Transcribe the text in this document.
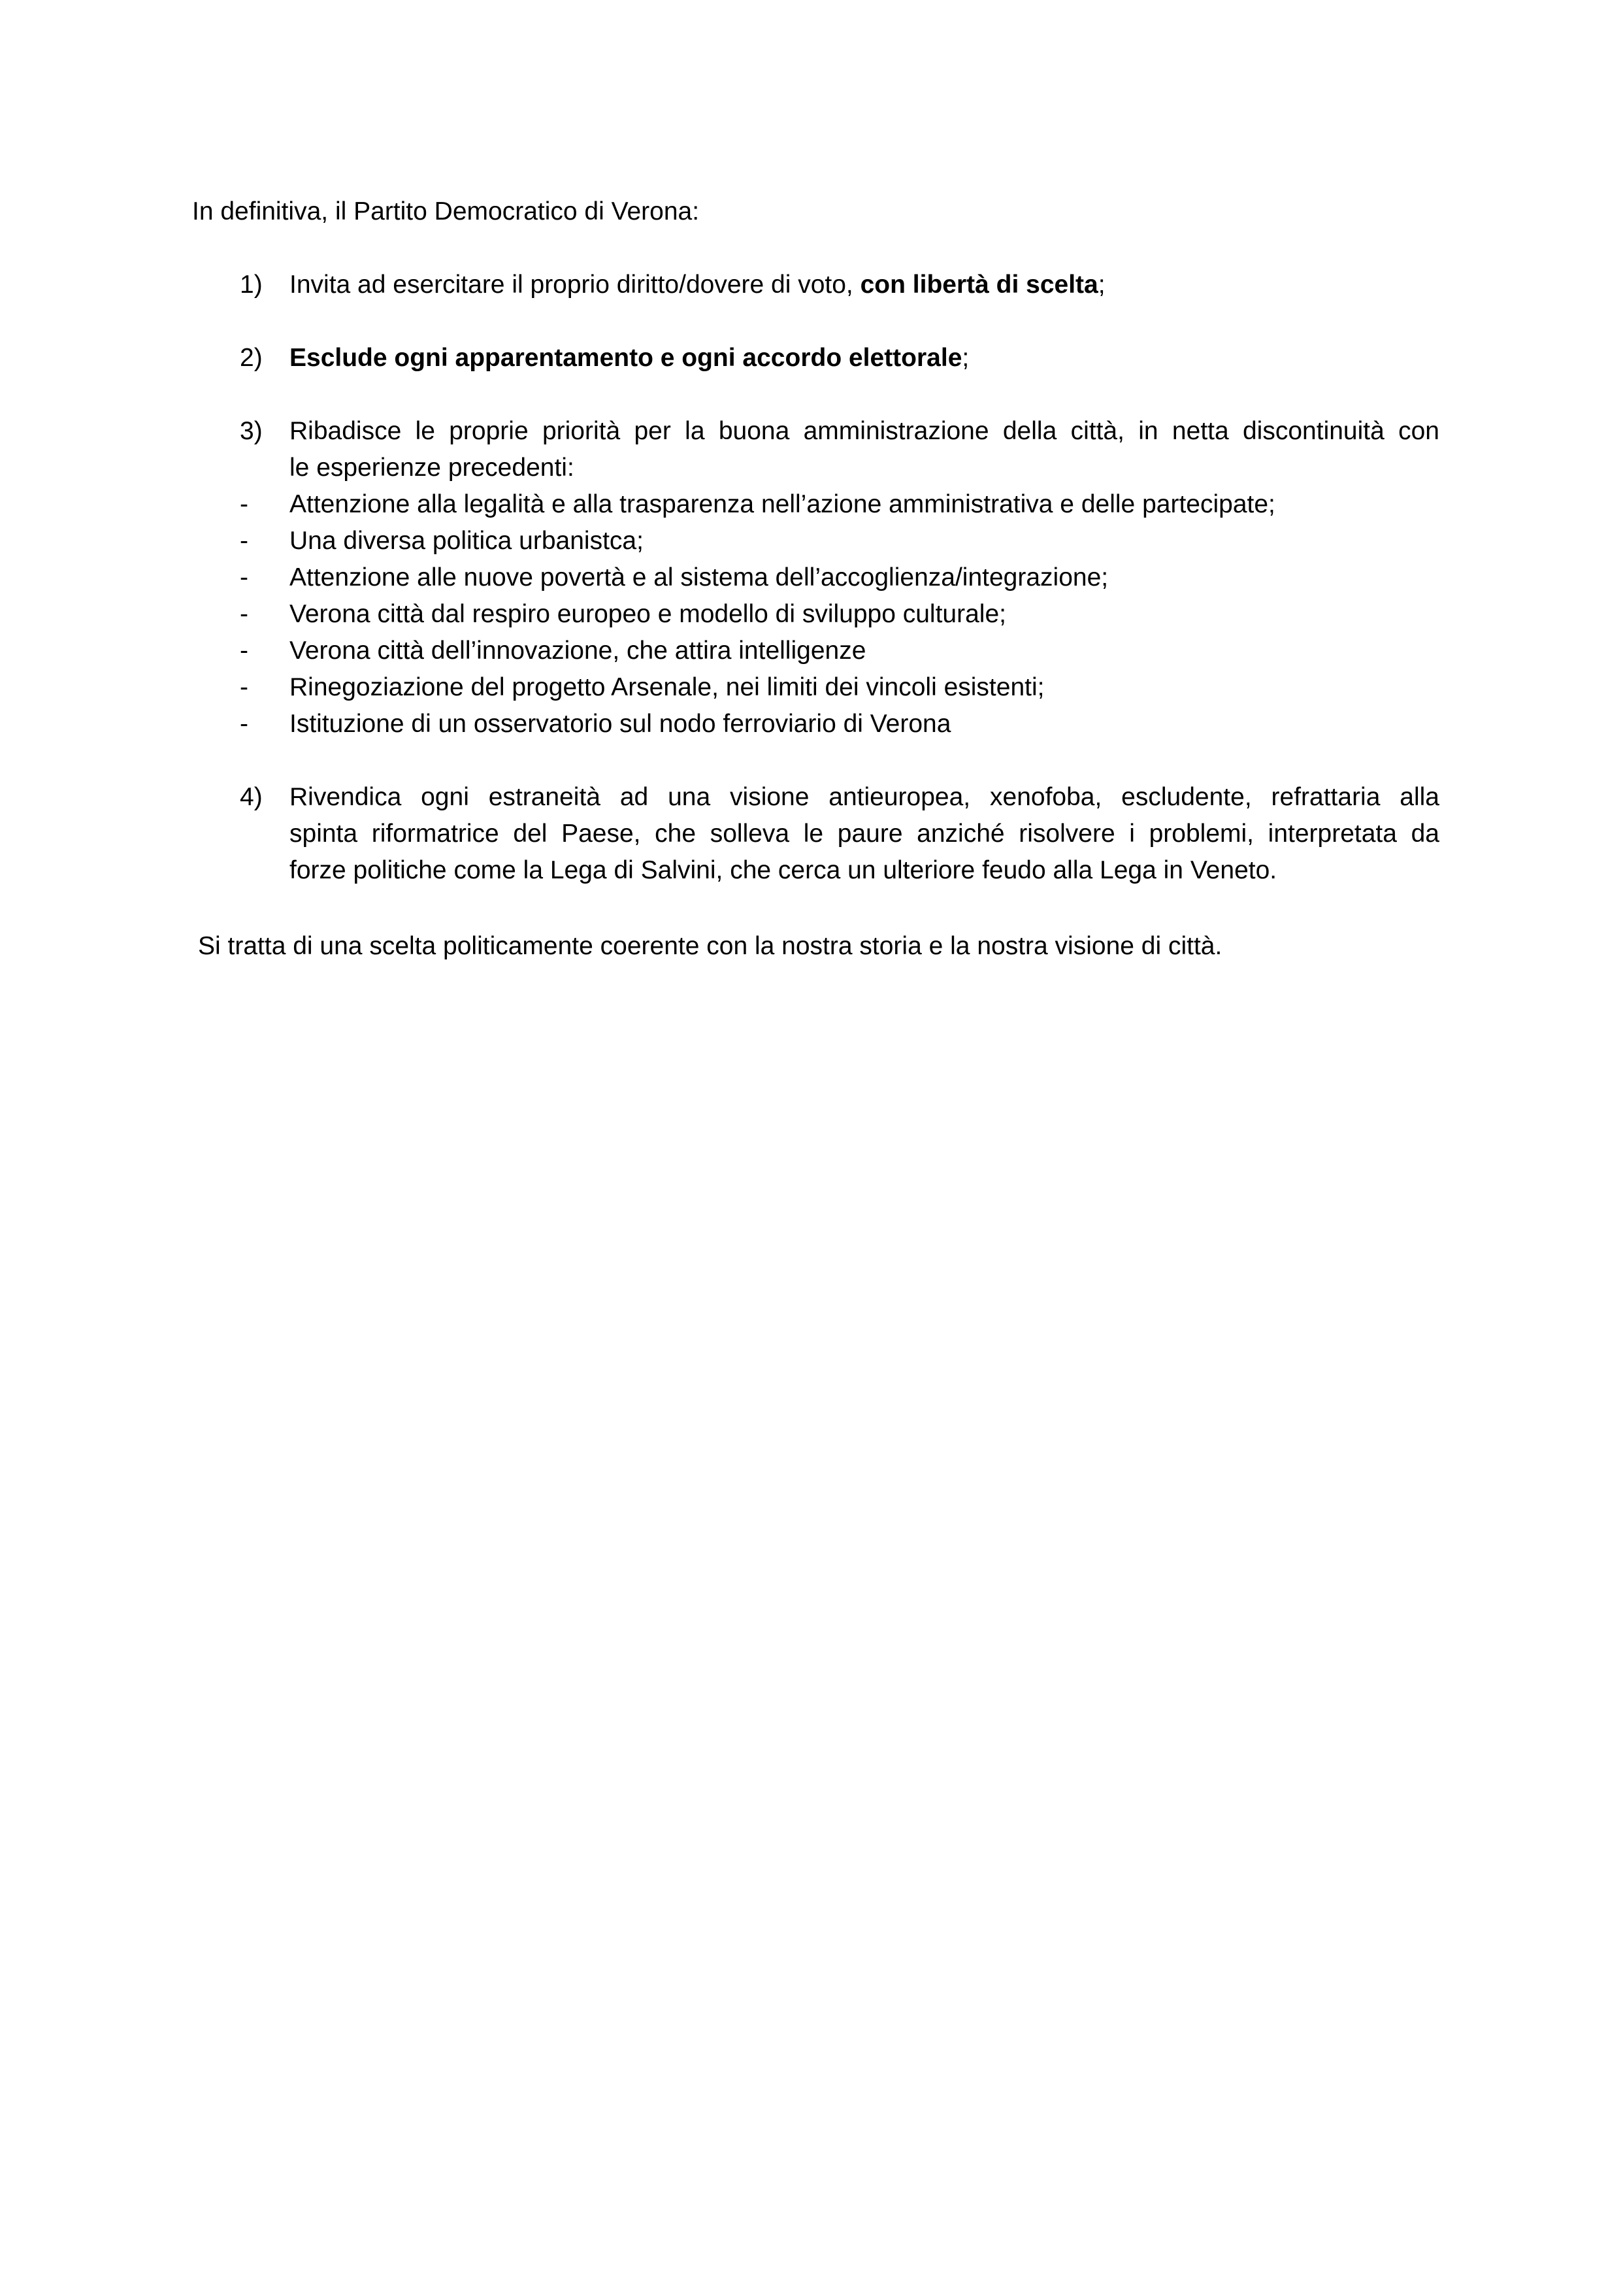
In definitiva, il Partito Democratico di Verona:
1)	Invita ad esercitare il proprio diritto/dovere di voto, con libertà di scelta;
2)	Esclude ogni apparentamento e ogni accordo elettorale;
3)	Ribadisce le proprie priorità per la buona amministrazione della città, in netta discontinuità con
le esperienze precedenti:
-	Attenzione alla legalità e alla trasparenza nell’azione amministrativa e delle partecipate;
-	Una diversa politica urbanistca;
-	Attenzione alle nuove povertà e al sistema dell’accoglienza/integrazione;
-	Verona città dal respiro europeo e modello di sviluppo culturale;
-	Verona città dell’innovazione, che attira intelligenze
-	Rinegoziazione del progetto Arsenale, nei limiti dei vincoli esistenti;
-	Istituzione di un osservatorio sul nodo ferroviario di Verona
4)	Rivendica ogni estraneità ad una visione antieuropea, xenofoba, escludente, refrattaria alla
spinta riformatrice del Paese, che solleva le paure anziché risolvere i problemi, interpretata da
forze politiche come la Lega di Salvini, che cerca un ulteriore feudo alla Lega in Veneto.
Si tratta di una scelta politicamente coerente con la nostra storia e la nostra visione di città.
